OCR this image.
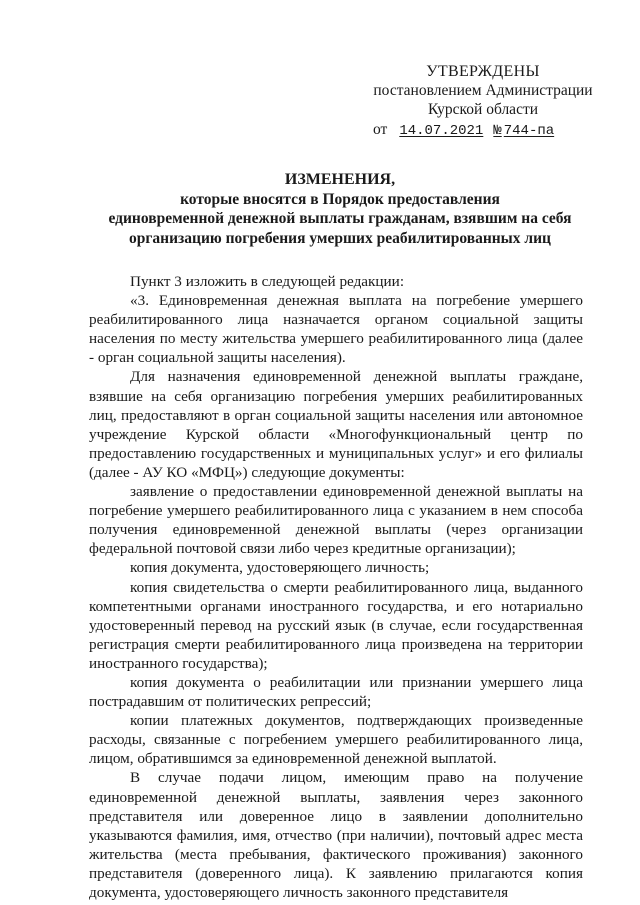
УТВЕРЖДЕНЫ
постановлением Администрации
Курской области
от 14.07.2021 № 744-па
ИЗМЕНЕНИЯ,
которые вносятся в Порядок предоставления
единовременной денежной выплаты гражданам, взявшим на себя
организацию погребения умерших реабилитированных лиц

Пункт 3 изложить в следующей редакции:

«3. Единовременная денежная выплата на погребение умершего реабилитированного лица назначается органом социальной защиты населения по месту жительства умершего реабилитированного лица (далее - орган социальной защиты населения).

Для назначения единовременной денежной выплаты граждане, взявшие на себя организацию погребения умерших реабилитированных лиц, предоставляют в орган социальной защиты населения или автономное учреждение Курской области «Многофункциональный центр по предоставлению государственных и муниципальных услуг» и его филиалы (далее - АУ КО «МФЦ») следующие документы:

заявление о предоставлении единовременной денежной выплаты на погребение умершего реабилитированного лица с указанием в нем способа получения единовременной денежной выплаты (через организации федеральной почтовой связи либо через кредитные организации);

копия документа, удостоверяющего личность;

копия свидетельства о смерти реабилитированного лица, выданного компетентными органами иностранного государства, и его нотариально удостоверенный перевод на русский язык (в случае, если государственная регистрация смерти реабилитированного лица произведена на территории иностранного государства);

копия документа о реабилитации или признании умершего лица пострадавшим от политических репрессий;

копии платежных документов, подтверждающих произведенные расходы, связанные с погребением умершего реабилитированного лица, лицом, обратившимся за единовременной денежной выплатой.

В случае подачи лицом, имеющим право на получение единовременной денежной выплаты, заявления через законного представителя или доверенное лицо в заявлении дополнительно указываются фамилия, имя, отчество (при наличии), почтовый адрес места жительства (места пребывания, фактического проживания) законного представителя (доверенного лица). К заявлению прилагаются копия документа, удостоверяющего личность законного представителя
